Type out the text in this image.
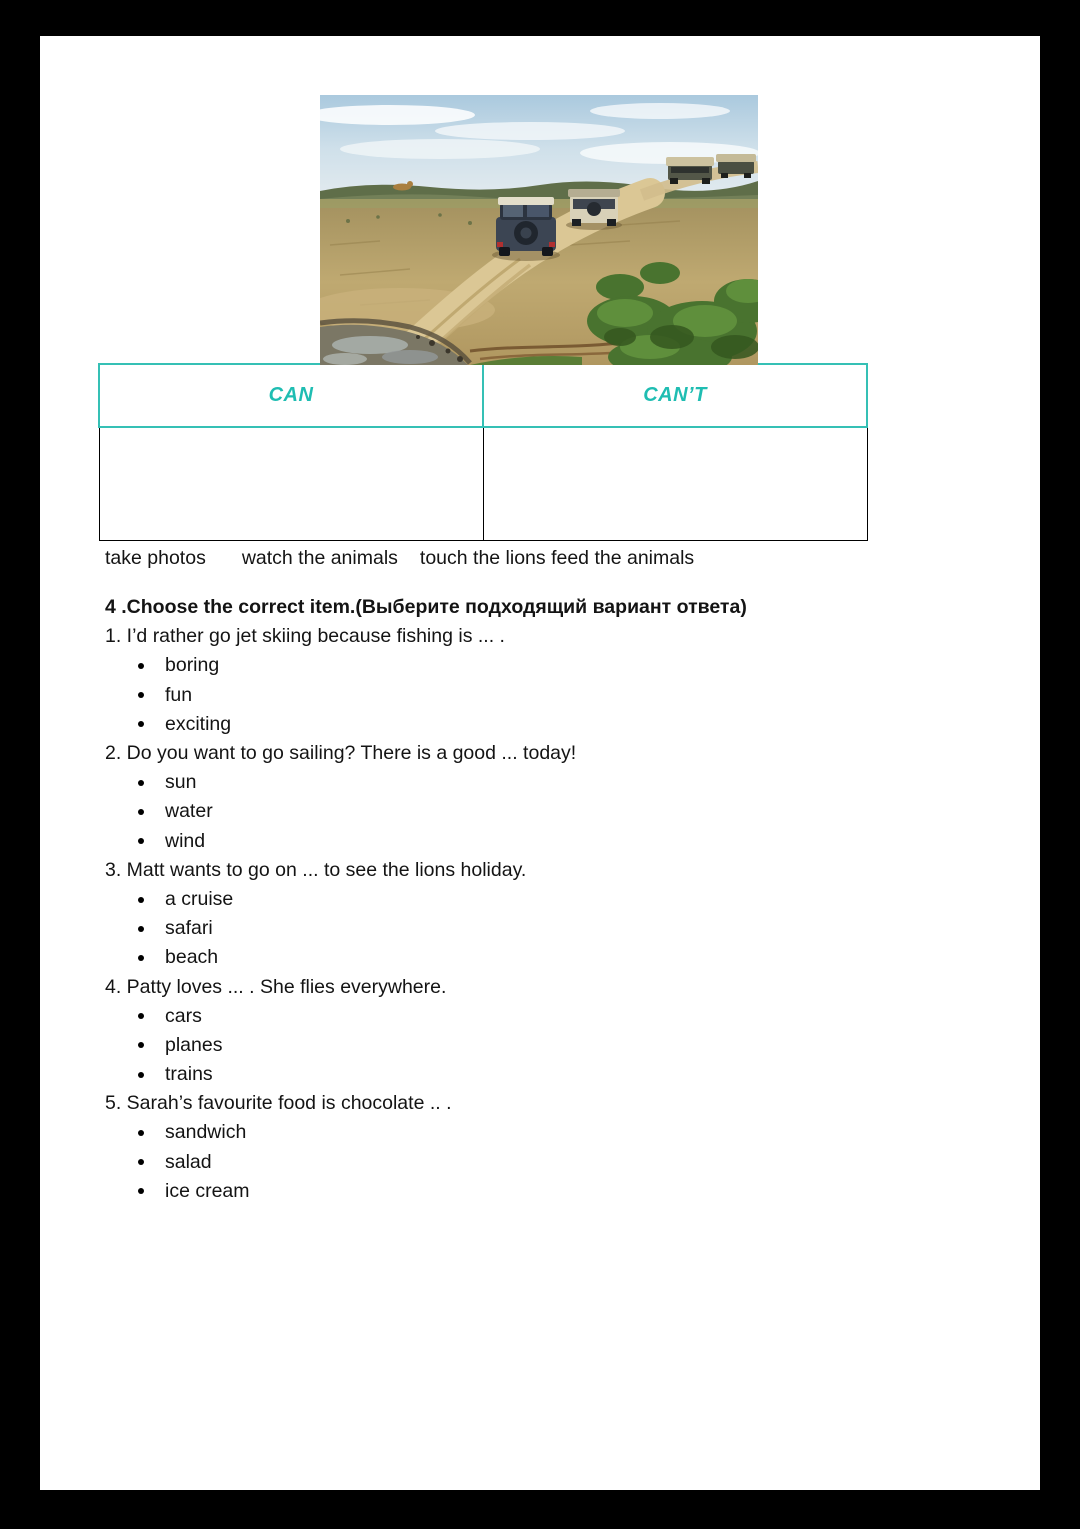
CAN	CAN’T

take photos watch the animals touch the lions feed the animals
4 .Choose the correct item.(Выберите подходящий вариант ответа)
1. I’d rather go jet skiing because fishing is ... .
boring
fun
exciting
2. Do you want to go sailing? There is a good ... today!
sun
water
wind
3. Matt wants to go on ... to see the lions holiday.
a cruise
safari
beach
4. Patty loves ... . She flies everywhere.
cars
planes
trains
5. Sarah’s favourite food is chocolate .. .
sandwich
salad
ice cream
